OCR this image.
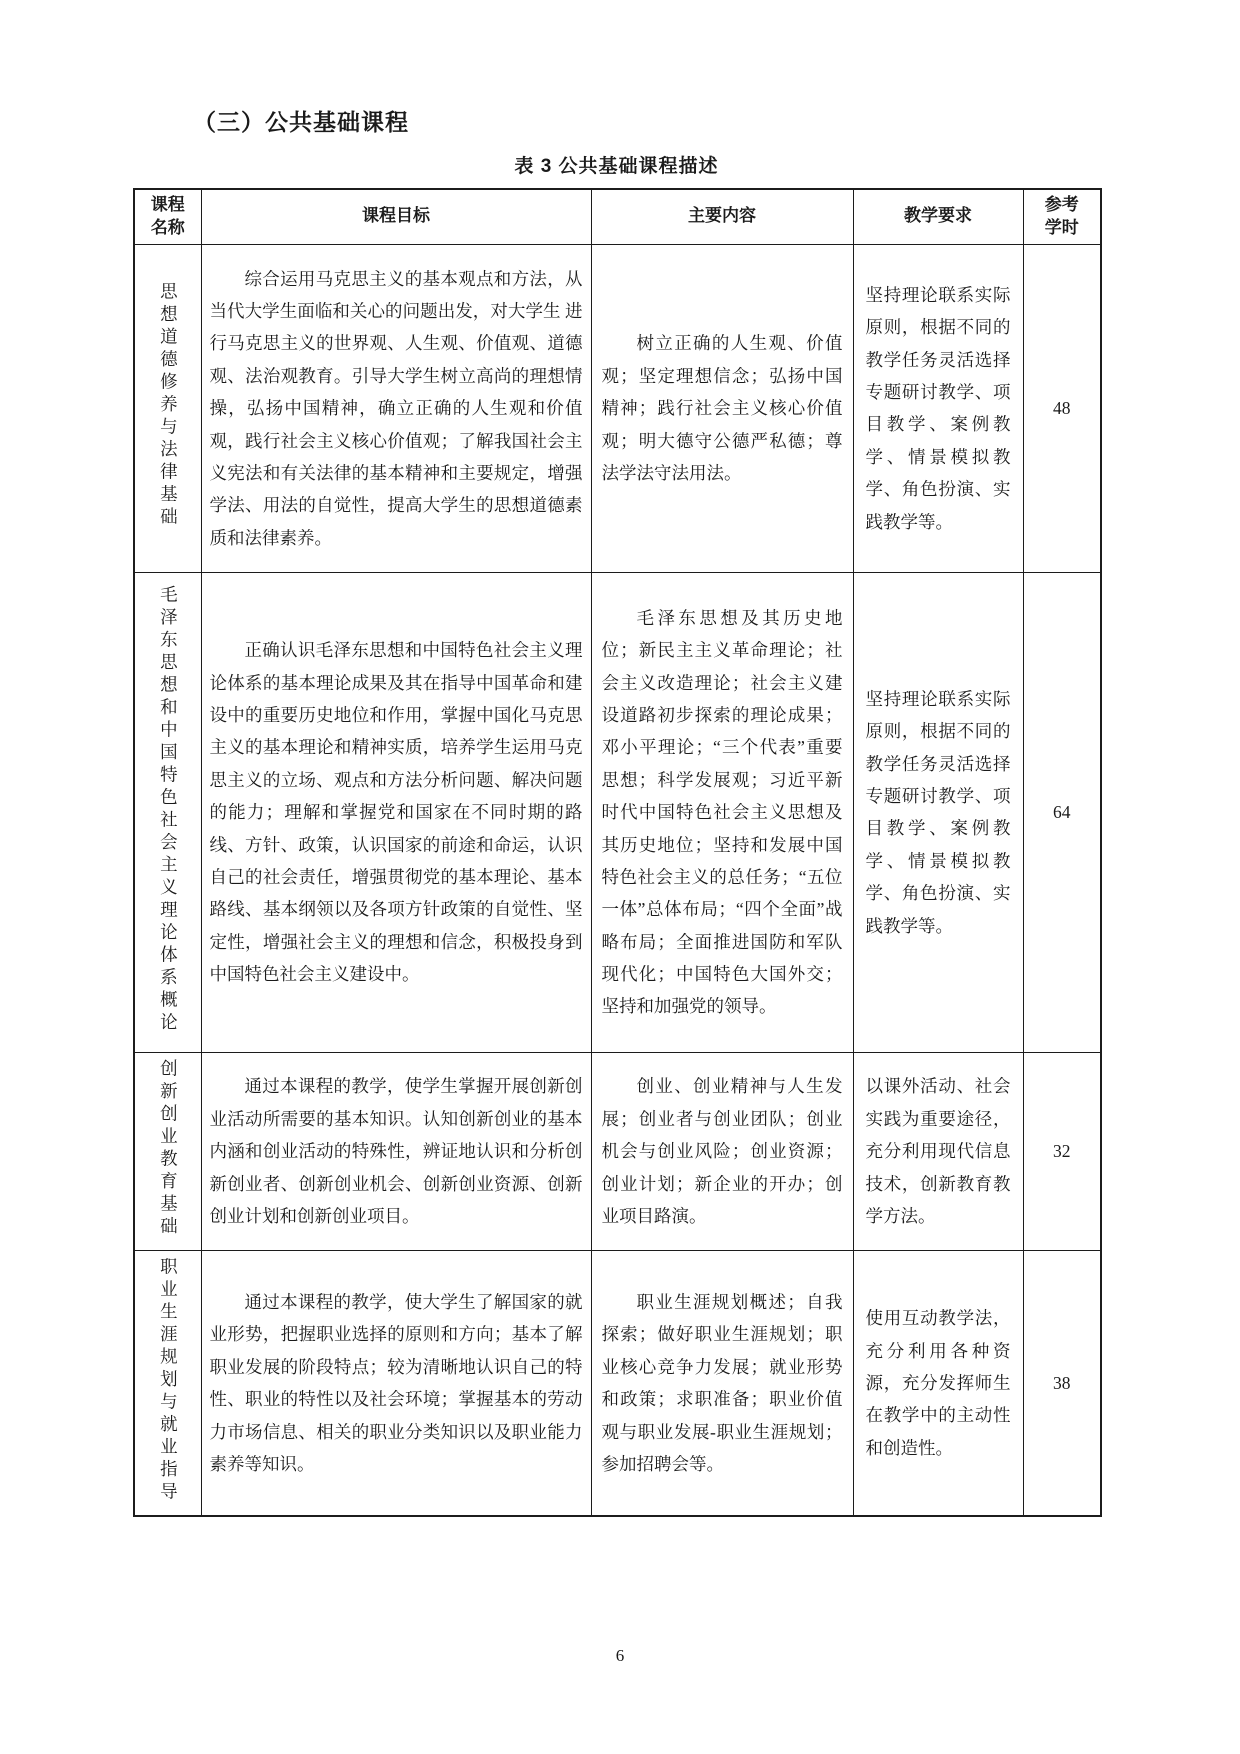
（三）公共基础课程
表 3 公共基础课程描述
课程名称	课程目标	主要内容	教学要求	参考学时
思想道德修养与法律基础	综合运用马克思主义的基本观点和方法，从当代大学生面临和关心的问题出发，对大学生 进行马克思主义的世界观、人生观、价值观、道德观、法治观教育。引导大学生树立高尚的理想情操，弘扬中国精神，确立正确的人生观和价值观，践行社会主义核心价值观；了解我国社会主义宪法和有关法律的基本精神和主要规定，增强学法、用法的自觉性，提高大学生的思想道德素质和法律素养。	树立正确的人生观、价值观；坚定理想信念；弘扬中国精神；践行社会主义核心价值观；明大德守公德严私德；尊法学法守法用法。	坚持理论联系实际原则，根据不同的教学任务灵活选择专题研讨教学、项目教学、案例教学、情景模拟教学、角色扮演、实践教学等。	48
毛泽东思想和中国特色社会主义理论体系概论	正确认识毛泽东思想和中国特色社会主义理论体系的基本理论成果及其在指导中国革命和建设中的重要历史地位和作用，掌握中国化马克思主义的基本理论和精神实质，培养学生运用马克思主义的立场、观点和方法分析问题、解决问题的能力；理解和掌握党和国家在不同时期的路线、方针、政策，认识国家的前途和命运，认识自己的社会责任，增强贯彻党的基本理论、基本路线、基本纲领以及各项方针政策的自觉性、坚定性，增强社会主义的理想和信念，积极投身到中国特色社会主义建设中。	毛泽东思想及其历史地位；新民主主义革命理论；社会主义改造理论；社会主义建设道路初步探索的理论成果；邓小平理论；“三个代表”重要思想；科学发展观；习近平新时代中国特色社会主义思想及其历史地位；坚持和发展中国特色社会主义的总任务；“五位一体”总体布局；“四个全面”战略布局；全面推进国防和军队现代化；中国特色大国外交；坚持和加强党的领导。	坚持理论联系实际原则，根据不同的教学任务灵活选择专题研讨教学、项目教学、案例教学、情景模拟教学、角色扮演、实践教学等。	64
创新创业教育基础	通过本课程的教学，使学生掌握开展创新创业活动所需要的基本知识。认知创新创业的基本内涵和创业活动的特殊性，辨证地认识和分析创新创业者、创新创业机会、创新创业资源、创新创业计划和创新创业项目。	创业、创业精神与人生发展；创业者与创业团队；创业机会与创业风险；创业资源；创业计划；新企业的开办；创业项目路演。	以课外活动、社会实践为重要途径，充分利用现代信息技术，创新教育教学方法。	32
职业生涯规划与就业指导	通过本课程的教学，使大学生了解国家的就业形势，把握职业选择的原则和方向；基本了解职业发展的阶段特点；较为清晰地认识自己的特性、职业的特性以及社会环境；掌握基本的劳动力市场信息、相关的职业分类知识以及职业能力素养等知识。	职业生涯规划概述；自我探索；做好职业生涯规划；职业核心竞争力发展；就业形势和政策；求职准备；职业价值观与职业发展-职业生涯规划；参加招聘会等。	使用互动教学法，充分利用各种资源，充分发挥师生在教学中的主动性和创造性。	38
6
